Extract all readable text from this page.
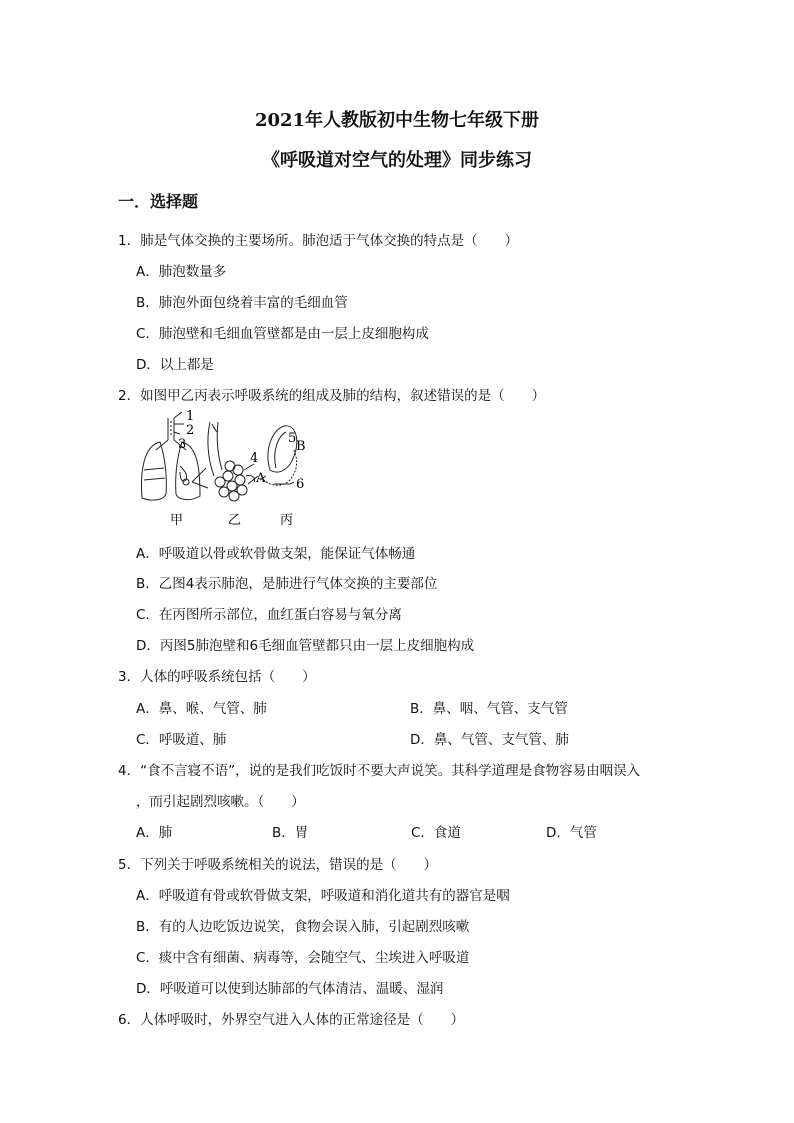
2021年人教版初中生物七年级下册
《呼吸道对空气的处理》同步练习
一．选择题
1．肺是气体交换的主要场所。肺泡适于气体交换的特点是（　　）
A．肺泡数量多
B．肺泡外面包绕着丰富的毛细血管
C．肺泡壁和毛细血管壁都是由一层上皮细胞构成
D．以上都是
2．如图甲乙丙表示呼吸系统的组成及肺的结构，叙述错误的是（　　）
1
2
3
4
5
6
A
B
甲	乙	丙
A．呼吸道以骨或软骨做支架，能保证气体畅通
B．乙图4表示肺泡，是肺进行气体交换的主要部位
C．在丙图所示部位，血红蛋白容易与氧分离
D．丙图5肺泡壁和6毛细血管壁都只由一层上皮细胞构成
3．人体的呼吸系统包括（　　）
A．鼻、喉、气管、肺	B．鼻、咽、气管、支气管
C．呼吸道、肺	D．鼻、气管、支气管、肺
4．“食不言寝不语”，说的是我们吃饭时不要大声说笑。其科学道理是食物容易由咽误入
，而引起剧烈咳嗽。（　　）
A．肺	B．胃	C．食道	D．气管
5．下列关于呼吸系统相关的说法，错误的是（　　）
A．呼吸道有骨或软骨做支架，呼吸道和消化道共有的器官是咽
B．有的人边吃饭边说笑，食物会误入肺，引起剧烈咳嗽
C．痰中含有细菌、病毒等，会随空气、尘埃进入呼吸道
D．呼吸道可以使到达肺部的气体清洁、温暖、湿润
6．人体呼吸时，外界空气进入人体的正常途径是（　　）
